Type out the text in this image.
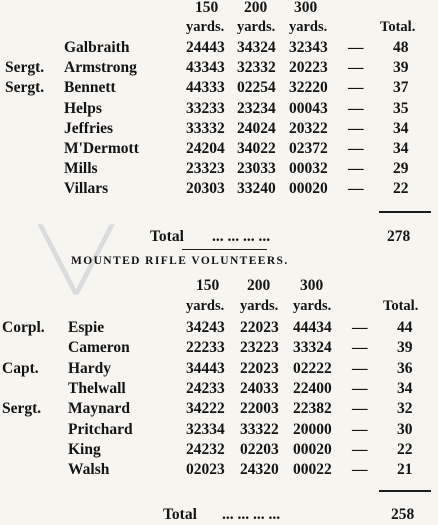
╲╱
150 200 300
yards. yards. yards.	Total.
Galbraith	24443 34324 32343 — 48
Sergt. Armstrong	43343 32332 20223 — 39
Sergt. Bennett	44333 02254 32220 — 37
Helps	33233 23234 00043 — 35
Jeffries	33332 24024 20322 — 34
M'Dermott	24204 34022 02372 — 34
Mills	23323 23033 00032 — 29
Villars	20303 33240 00020 — 22
Total ... ... ... ...	278
MOUNTED RIFLE VOLUNTEERS.
150 200 300
yards. yards. yards.	Total.
Corpl. Espie	34243 22023 44434 — 44
Cameron	22233 23223 33324 — 39
Capt. Hardy	34443 22023 02222 — 36
Thelwall	24233 24033 22400 — 34
Sergt. Maynard	34222 22003 22382 — 32
Pritchard	32334 33322 20000 — 30
King	24232 02203 00020 — 22
Walsh	02023 24320 00022 — 21
Total ... ... ... ...	258
